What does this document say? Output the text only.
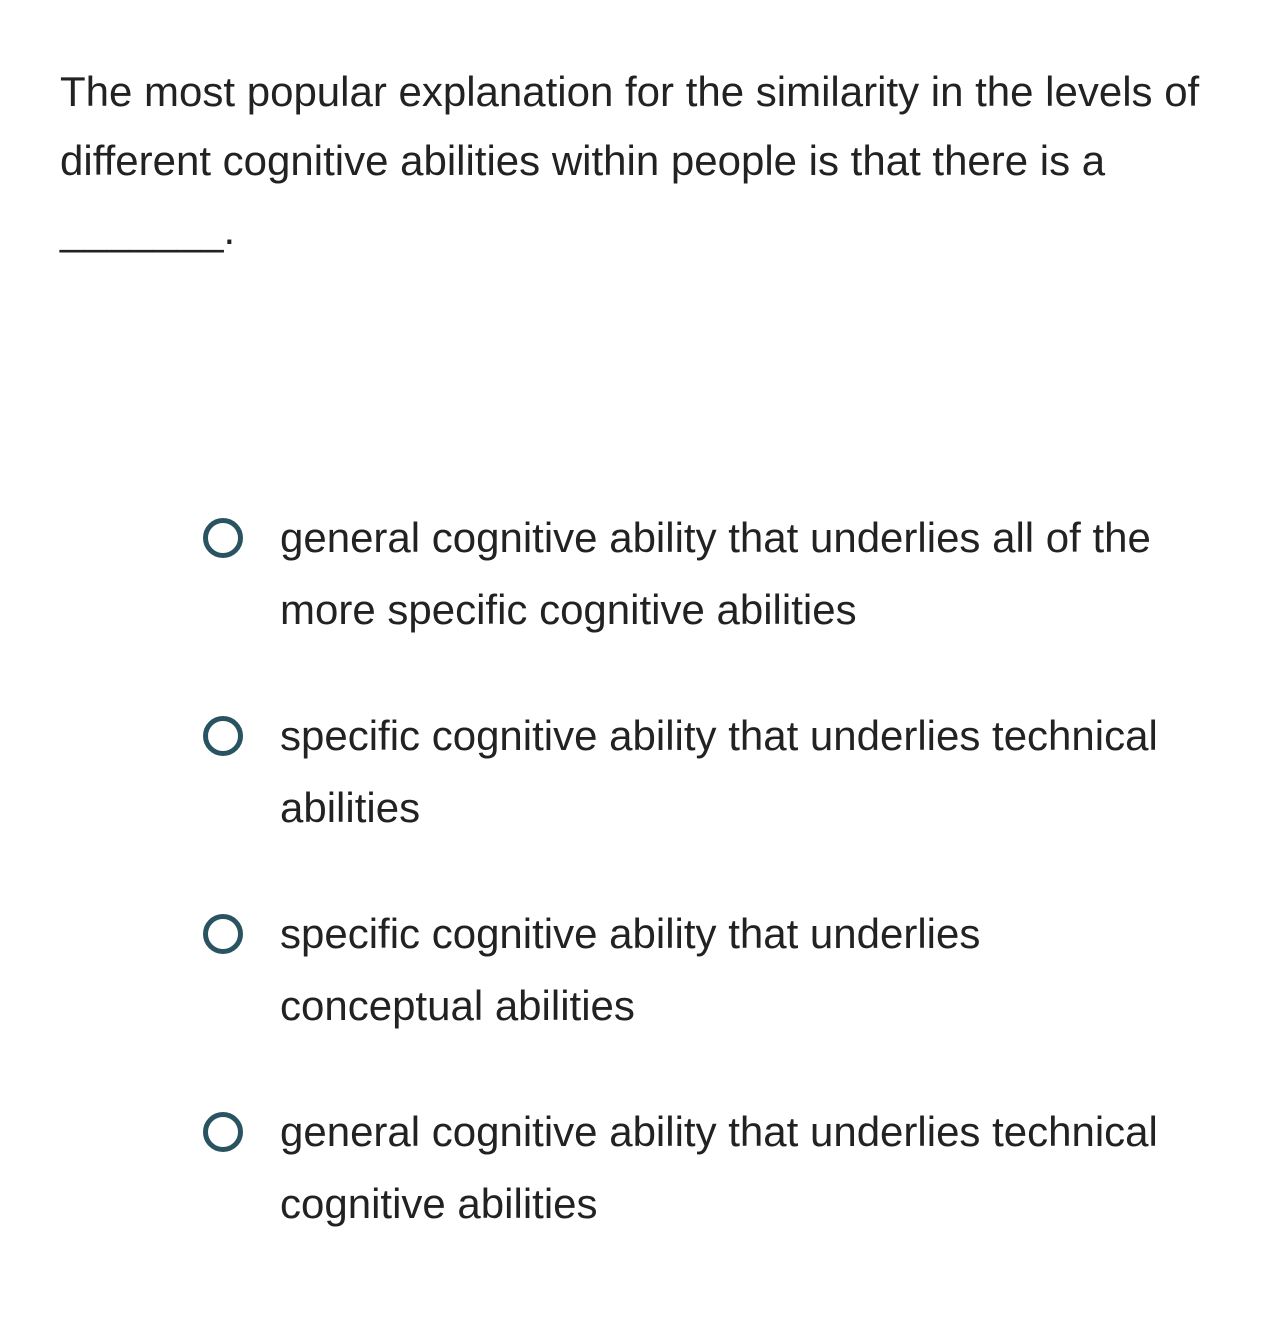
The most popular explanation for the similarity in the levels of different cognitive abilities within people is that there is a _______.

general cognitive ability that underlies all of the more specific cognitive abilities
specific cognitive ability that underlies technical abilities
specific cognitive ability that underlies conceptual abilities
general cognitive ability that underlies technical cognitive abilities
